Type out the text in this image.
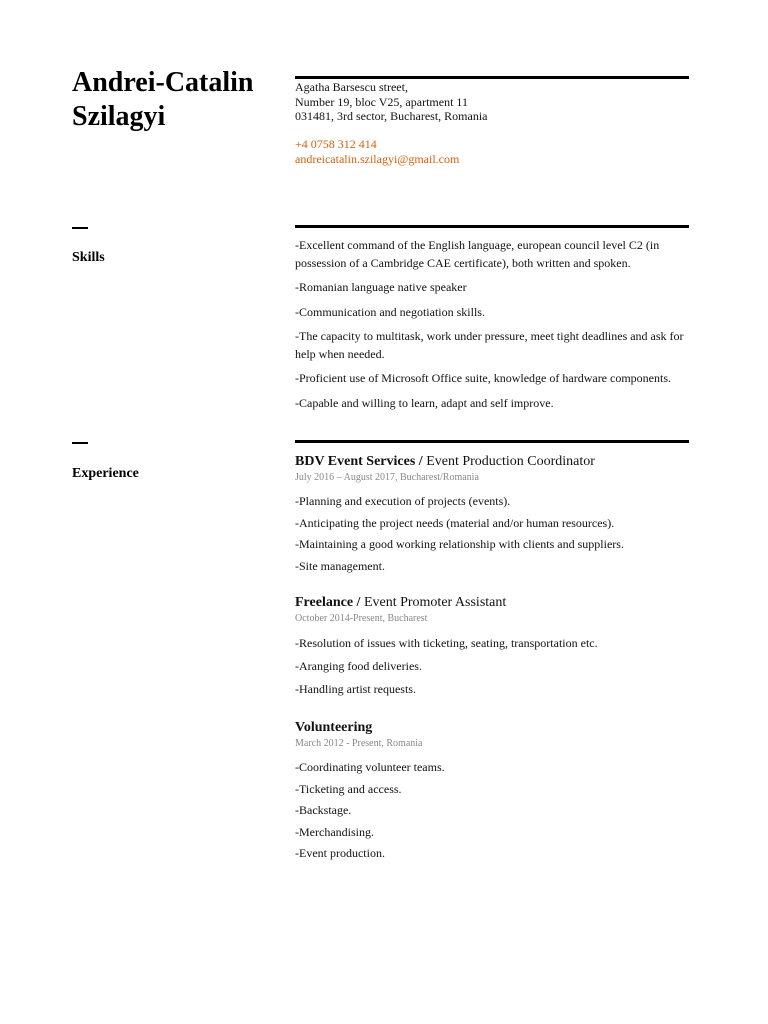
Andrei-Catalin
Szilagyi
Agatha Barsescu street,
Number 19, bloc V25, apartment 11
031481, 3rd sector, Bucharest, Romania
+4 0758 312 414
andreicatalin.szilagyi@gmail.com
Skills

-Excellent command of the English language, european council level C2 (in possession of a Cambridge CAE certificate), both written and spoken.

-Romanian language native speaker

-Communication and negotiation skills.

-The capacity to multitask, work under pressure, meet tight deadlines and ask for help when needed.

-Proficient use of Microsoft Office suite, knowledge of hardware components.

-Capable and willing to learn, adapt and self improve.

Experience
BDV Event Services / Event Production Coordinator
July 2016 – August 2017, Bucharest/Romania
-Planning and execution of projects (events).
-Anticipating the project needs (material and/or human resources).
-Maintaining a good working relationship with clients and suppliers.
-Site management.
Freelance / Event Promoter Assistant
October 2014-Present, Bucharest
-Resolution of issues with ticketing, seating, transportation etc.
-Aranging food deliveries.
-Handling artist requests.
Volunteering
March 2012 - Present, Romania
-Coordinating volunteer teams.
-Ticketing and access.
-Backstage.
-Merchandising.
-Event production.
